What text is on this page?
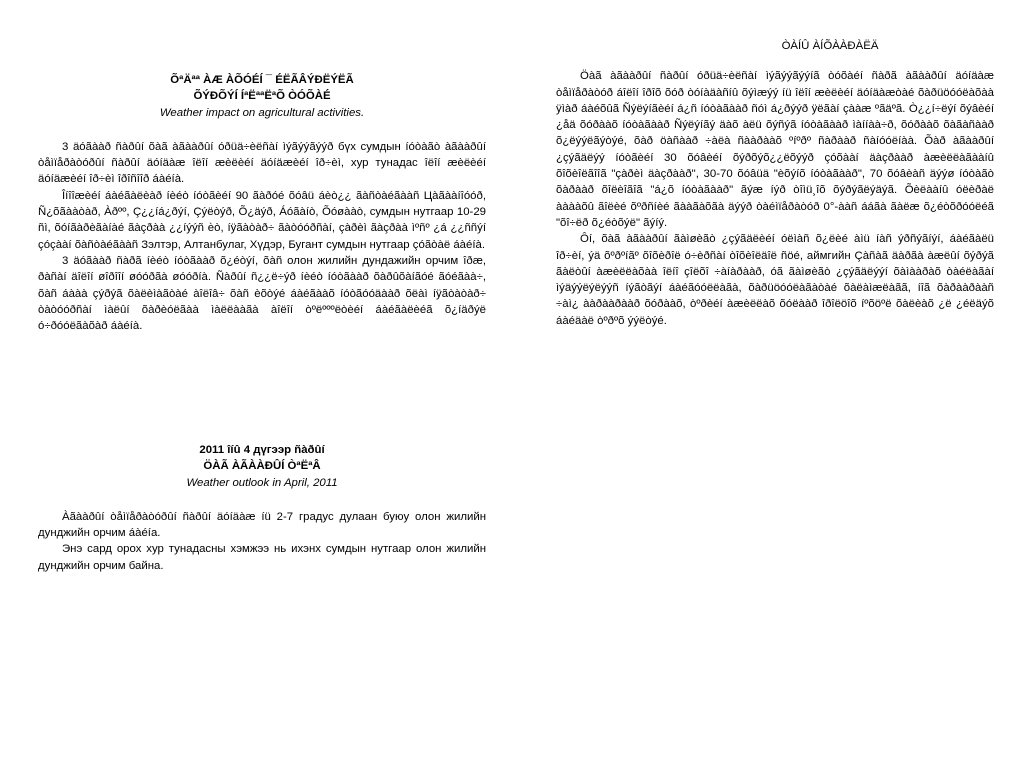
ÕªÄªª ÀÆ ÀÕÓÉÍ ¯ ÉËÃÂÝÐËÝËÃ
ÕÝÐÕÝÍ ÍªËªªËªÕ ÒÓÕÀÉ
Weather impact on agricultural activities.

3 äóãààð ñàðûí õàã àãààðûí óðüä÷èëñàí ìýãýýãýýð бүх сумдын íóòàãò àãààðûí òåìïåðàòóðûí ñàðûí äóíäàæ îëîí æèëèéí äóíäæèéí îð÷èì, хур тунадас îëîí æèëèéí äóíäæèéí îð÷èì îðîñîîð áàéíà.

Îíîîæèéí áàéãàëèàð íèéò íóòãèéí 90 ãàðóé õóâü áèò¿¿ ãàñòàéãààñ Цàãààíîóóð, Ñ¿õãààòàð, Àðºº, Ç¿¿íá¿ðýí, Çýëòýð, Õ¿äýð, Áóãàíò, Õóøààò, сумдын нутгаар 10-29 ñì, õóíãàðèãàíàé ãàçðàà ¿¿íýýñ ѐò, íÿãàòàð÷ ãàòóóðñàí, çàðèì ãàçðàà ìºñº ¿á ¿¿ññýí çóçààí õàñòàéãààñ Зэлтэр, Алтанбулаг, Хүдэр, Бугант сумдын нутгаар çóãòàë áàéíà.

3 äóãààð ñàðã íèéò íóòãààð õ¿éòýí, õàñ олон жилийн дундажийн орчим îðæ, ðàñàí äîëîí øîðîîí øóóðãà øóóðíà. Ñàðûí ñ¿¿ë÷ýð íèéò íóòãààð õàðûõàíãóé ãóéãàà÷, õàñ áààà çýðýã õàëèìàãòàé àîëîâ÷ õàñ èõòýé áàéãààõ íóòãóóäààð õëàì íÿãòàòàð÷ òàòóóðñàí ìàëûí õàðèóëãàà ìàëëààãà àîëîí òºëºººëòèéí áàéãàëèéã õ¿íäðýë ó÷ðóóëãàõàð áàéíà.

2011 îíû 4 дүгээр ñàðûí
ÖÀÃ ÀÃÀÀÐÛÍ ÒªËªÂ
Weather outlook in April, 2011

Àãààðûí òåìïåðàòóðûí ñàðûí äóíäàæ íü 2-7 градус дулаан буюу олон жилийн дунджийн орчим áàéíа.

Энэ сард орох хур тунадасны хэмжээ нь ихэнх сумдын нутгаар олон жилийн дунджийн орчим байна.

ÒÀÍÛ ÀÍÕÀÀÐÀËÄ

Öàã àãààðûí ñàðûí óðüä÷èëñàí ìýãýýãýýíã òóõàéí ñàðã àãààðûí äóíäàæ òåìïåðàòóð áîëîí îðîõ õóð òóíàäàñíû õýìæýý íü îëîí æèëèéí äóíäàæòàé õàðüöóóëàõàà ÿìàð áàéõûã Ñýëýíãèéí á¿ñ íóòàãààð ñóì á¿ðýýð ÿëãàí çààæ ºãäºã. Ò¿¿í÷ëýí õýâèéí ¿åä õóðààõ íóòàãààð Ñýëýíãý äàõ àëü õýñýã íóòàãààð ìàííàà÷ð, õóðààõ õàãàñààð õ¿ëýýëãýòýé, õàð öàñààð ÷àëà ñààðààõ ºíºðº ñàðààð ñàíóóëíàà. Õàð àãààðûí ¿çýãäëýý íóòãèéí 30 õóâèéí õýðõýõ¿¿ëõýýð çóõààí äàçðààð àæèëëàãààíû õîõèîëãîîã "çàðèì äàçðààð", 30-70 õóâüä "èõýíõ íóòàãààð", 70 õóâèàñ äýýø íóòàãò õàðààð õîëèîãîã "á¿õ íóòàãààð" ãýæ íýð òîìü¸îõ õýðýãëýäýã. Õèëààíû óëèðàë ààààõû ãîëèé õºðñíèé ãààãàõãà äýýð òàéìïåðàòóð 0°-ààñ ááãà ãàëæ õ¿éòõðóóëéã "õî÷ëð õ¿éòõýë" ãýíý.

Ôí, õàã àãààðûí ãàìøèãò ¿çýãäëèéí óëìàñ õ¿ëèé àìü íàñ ýðñýãíýí, áàéãàëü îð÷èí, ýä õºðºíãº õîõèðîë ó÷èðñàí òîõèîëäîë ñöé, аймгийн Çàñàã äàðãà àæëûí õýðýã ãàëòûí àæèëëàõàà îëíî çîëõî ÷àíàðààð, óã ãàìøèãò ¿çýãäëýýí õàìààðàõ òàéëàãàí ìýäýýëýëýýñ íýãòãýí áàéãóóëëàãà, õàðüöóóëàãàòàé õàëàìæëàãã, íîã õàðààðààñ ÷àì¿ ààðààðààð õóðààõ, òºðèéí àæèëëàõ õóëààð îðîëöîõ íºõöºë õàëèàõ ¿ë ¿éëäýõ áàéäàë òºðºõ ýýëòýé.
